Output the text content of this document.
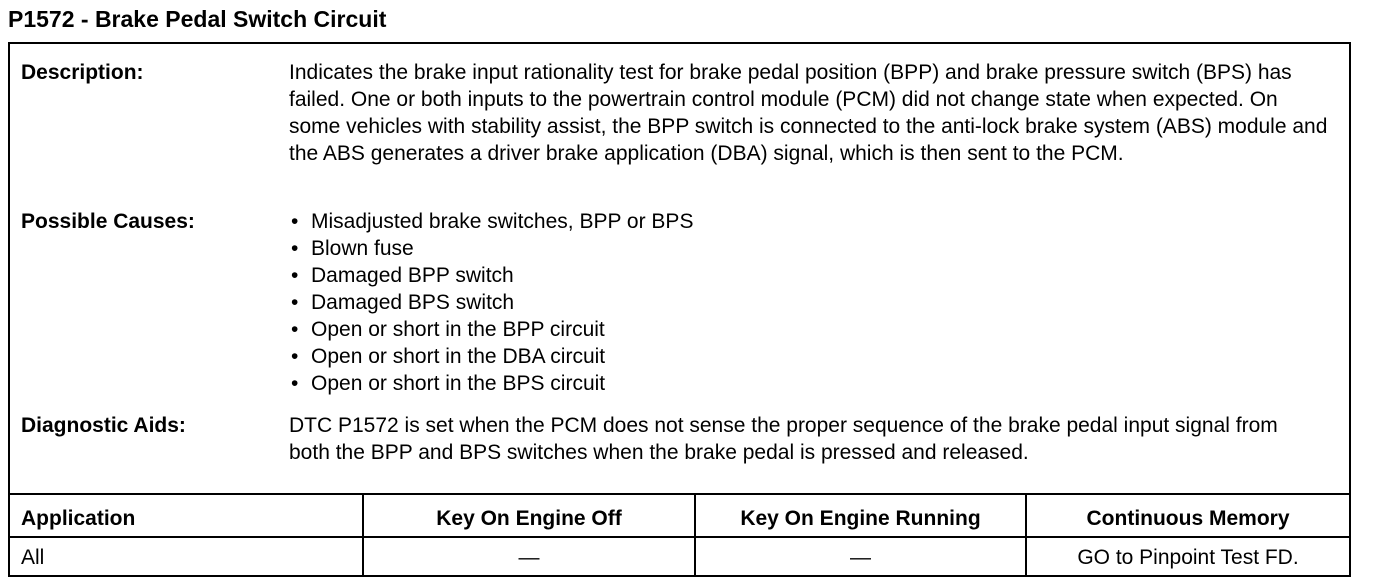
P1572 - Brake Pedal Switch Circuit
Description:	Indicates the brake input rationality test for brake pedal position (BPP) and brake pressure switch (BPS) has failed. One or both inputs to the powertrain control module (PCM) did not change state when expected. On some vehicles with stability assist, the BPP switch is connected to the anti-lock brake system (ABS) module and the ABS generates a driver brake application (DBA) signal, which is then sent to the PCM.

Possible Causes:	• Misadjusted brake switches, BPP or BPS
• Blown fuse
• Damaged BPP switch
• Damaged BPS switch
• Open or short in the BPP circuit
• Open or short in the DBA circuit
• Open or short in the BPS circuit
Diagnostic Aids:	DTC P1572 is set when the PCM does not sense the proper sequence of the brake pedal input signal from both the BPP and BPS switches when the brake pedal is pressed and released.

Application	Key On Engine Off	Key On Engine Running	Continuous Memory
All	—	—	GO to Pinpoint Test FD.
